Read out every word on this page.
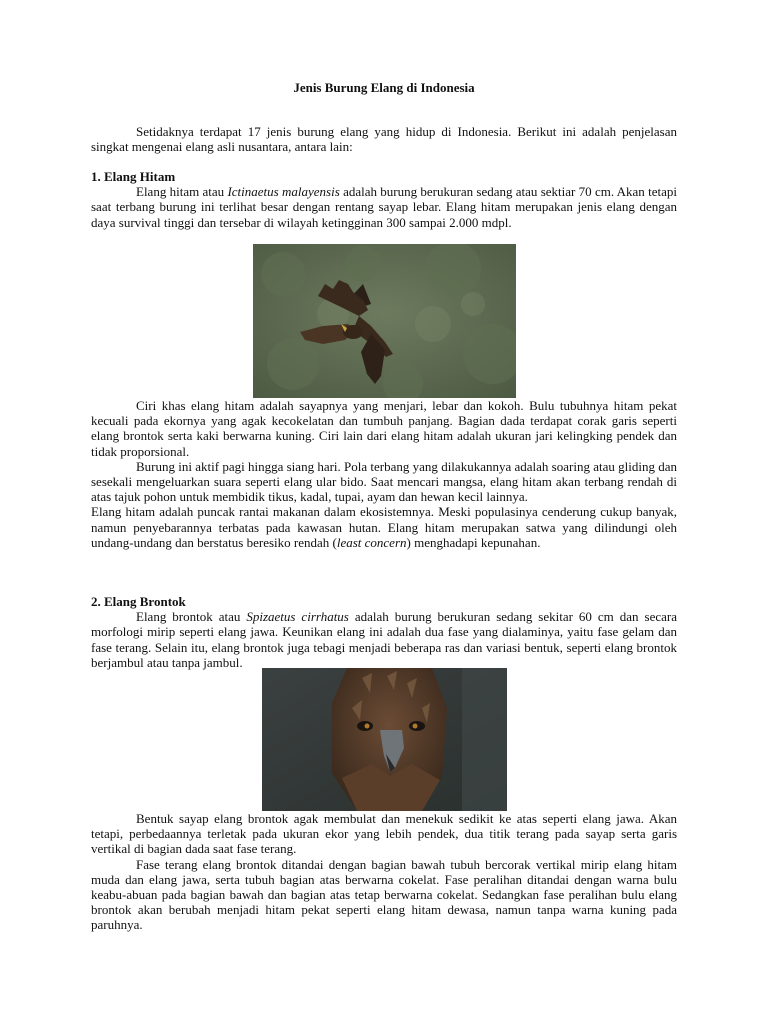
Jenis Burung Elang di Indonesia

Setidaknya terdapat 17 jenis burung elang yang hidup di Indonesia. Berikut ini adalah penjelasan singkat mengenai elang asli nusantara, antara lain:

1. Elang Hitam

Elang hitam atau Ictinaetus malayensis adalah burung berukuran sedang atau sektiar 70 cm. Akan tetapi saat terbang burung ini terlihat besar dengan rentang sayap lebar. Elang hitam merupakan jenis elang dengan daya survival tinggi dan tersebar di wilayah ketingginan 300 sampai 2.000 mdpl.

Ciri khas elang hitam adalah sayapnya yang menjari, lebar dan kokoh. Bulu tubuhnya hitam pekat kecuali pada ekornya yang agak kecokelatan dan tumbuh panjang. Bagian dada terdapat corak garis seperti elang brontok serta kaki berwarna kuning. Ciri lain dari elang hitam adalah ukuran jari kelingking pendek dan tidak proporsional.

Burung ini aktif pagi hingga siang hari. Pola terbang yang dilakukannya adalah soaring atau gliding dan sesekali mengeluarkan suara seperti elang ular bido. Saat mencari mangsa, elang hitam akan terbang rendah di atas tajuk pohon untuk membidik tikus, kadal, tupai, ayam dan hewan kecil lainnya.

Elang hitam adalah puncak rantai makanan dalam ekosistemnya. Meski populasinya cenderung cukup banyak, namun penyebarannya terbatas pada kawasan hutan. Elang hitam merupakan satwa yang dilindungi oleh undang-undang dan berstatus beresiko rendah (least concern) menghadapi kepunahan.

2. Elang Brontok

Elang brontok atau Spizaetus cirrhatus adalah burung berukuran sedang sekitar 60 cm dan secara morfologi mirip seperti elang jawa. Keunikan elang ini adalah dua fase yang dialaminya, yaitu fase gelam dan fase terang. Selain itu, elang brontok juga tebagi menjadi beberapa ras dan variasi bentuk, seperti elang brontok berjambul atau tanpa jambul.

Bentuk sayap elang brontok agak membulat dan menekuk sedikit ke atas seperti elang jawa. Akan tetapi, perbedaannya terletak pada ukuran ekor yang lebih pendek, dua titik terang pada sayap serta garis vertikal di bagian dada saat fase terang.

Fase terang elang brontok ditandai dengan bagian bawah tubuh bercorak vertikal mirip elang hitam muda dan elang jawa, serta tubuh bagian atas berwarna cokelat. Fase peralihan ditandai dengan warna bulu keabu-abuan pada bagian bawah dan bagian atas tetap berwarna cokelat. Sedangkan fase peralihan bulu elang brontok akan berubah menjadi hitam pekat seperti elang hitam dewasa, namun tanpa warna kuning pada paruhnya.
